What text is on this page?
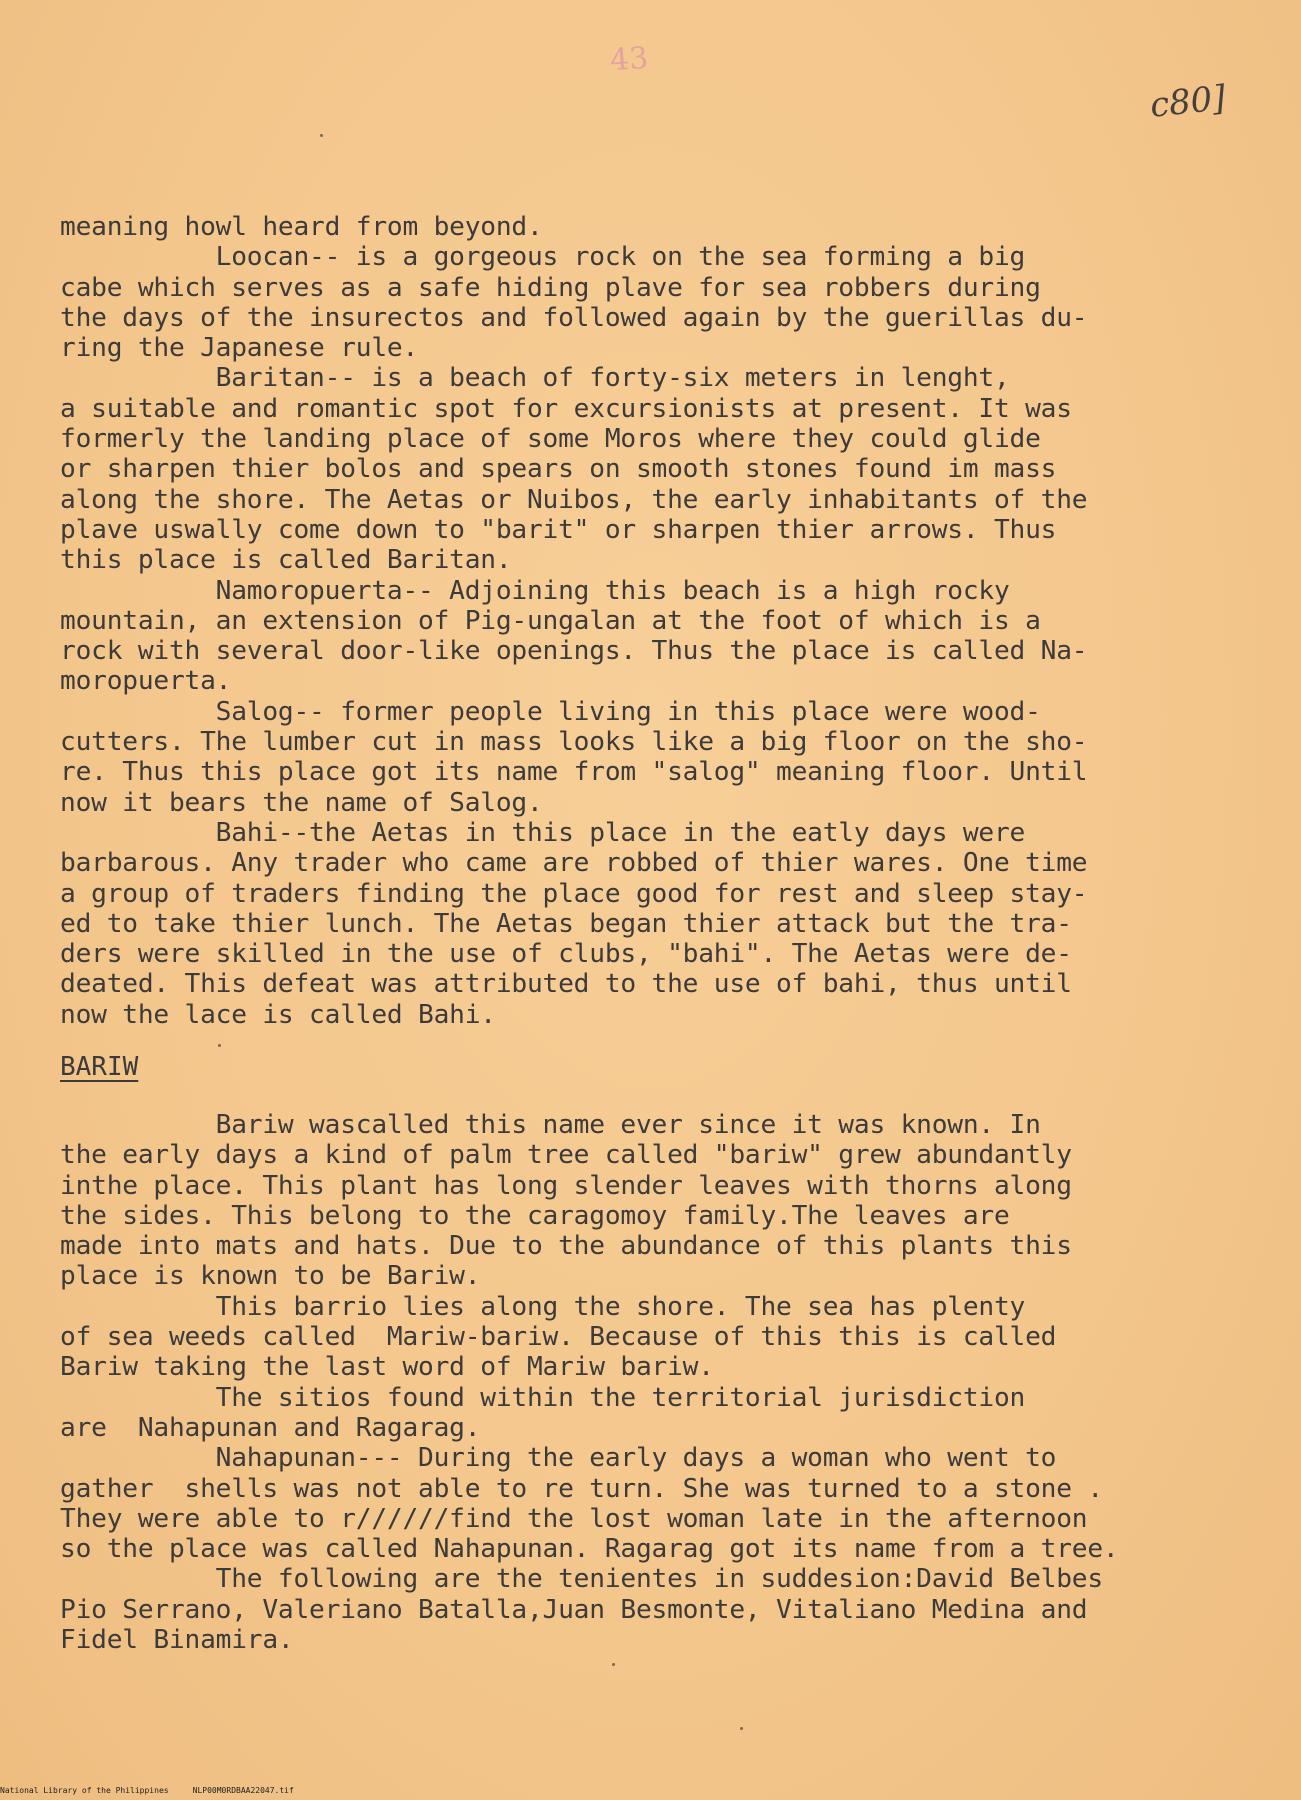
43
c80]
meaning howl heard from beyond.
Loocan-- is a gorgeous rock on the sea forming a big
cabe which serves as a safe hiding plave for sea robbers during
the days of the insurectos and followed again by the guerillas du-
ring the Japanese rule.
Baritan-- is a beach of forty-six meters in lenght,
a suitable and romantic spot for excursionists at present. It was
formerly the landing place of some Moros where they could glide
or sharpen thier bolos and spears on smooth stones found im mass
along the shore. The Aetas or Nuibos, the early inhabitants of the
plave uswally come down to "barit" or sharpen thier arrows. Thus
this place is called Baritan.
Namoropuerta-- Adjoining this beach is a high rocky
mountain, an extension of Pig-ungalan at the foot of which is a
rock with several door-like openings. Thus the place is called Na-
moropuerta.
Salog-- former people living in this place were wood-
cutters. The lumber cut in mass looks like a big floor on the sho-
re. Thus this place got its name from "salog" meaning floor. Until
now it bears the name of Salog.
Bahi--the Aetas in this place in the eatly days were
barbarous. Any trader who came are robbed of thier wares. One time
a group of traders finding the place good for rest and sleep stay-
ed to take thier lunch. The Aetas began thier attack but the tra-
ders were skilled in the use of clubs, "bahi". The Aetas were de-
deated. This defeat was attributed to the use of bahi, thus until
now the lace is called Bahi.
BARIW
Bariw wascalled this name ever since it was known. In
the early days a kind of palm tree called "bariw" grew abundantly
inthe place. This plant has long slender leaves with thorns along
the sides. This belong to the caragomoy family.The leaves are
made into mats and hats. Due to the abundance of this plants this
place is known to be Bariw.
This barrio lies along the shore. The sea has plenty
of sea weeds called  Mariw-bariw. Because of this this is called
Bariw taking the last word of Mariw bariw.
The sitios found within the territorial jurisdiction
are  Nahapunan and Ragarag.
Nahapunan--- During the early days a woman who went to
gather  shells was not able to re turn. She was turned to a stone .
They were able to r//////find the lost woman late in the afternoon
so the place was called Nahapunan. Ragarag got its name from a tree.
The following are the tenientes in suddesion:David Belbes
Pio Serrano, Valeriano Batalla,Juan Besmonte, Vitaliano Medina and
Fidel Binamira.
National Library of the Philippines     NLP00M0RDBAA22047.tif
